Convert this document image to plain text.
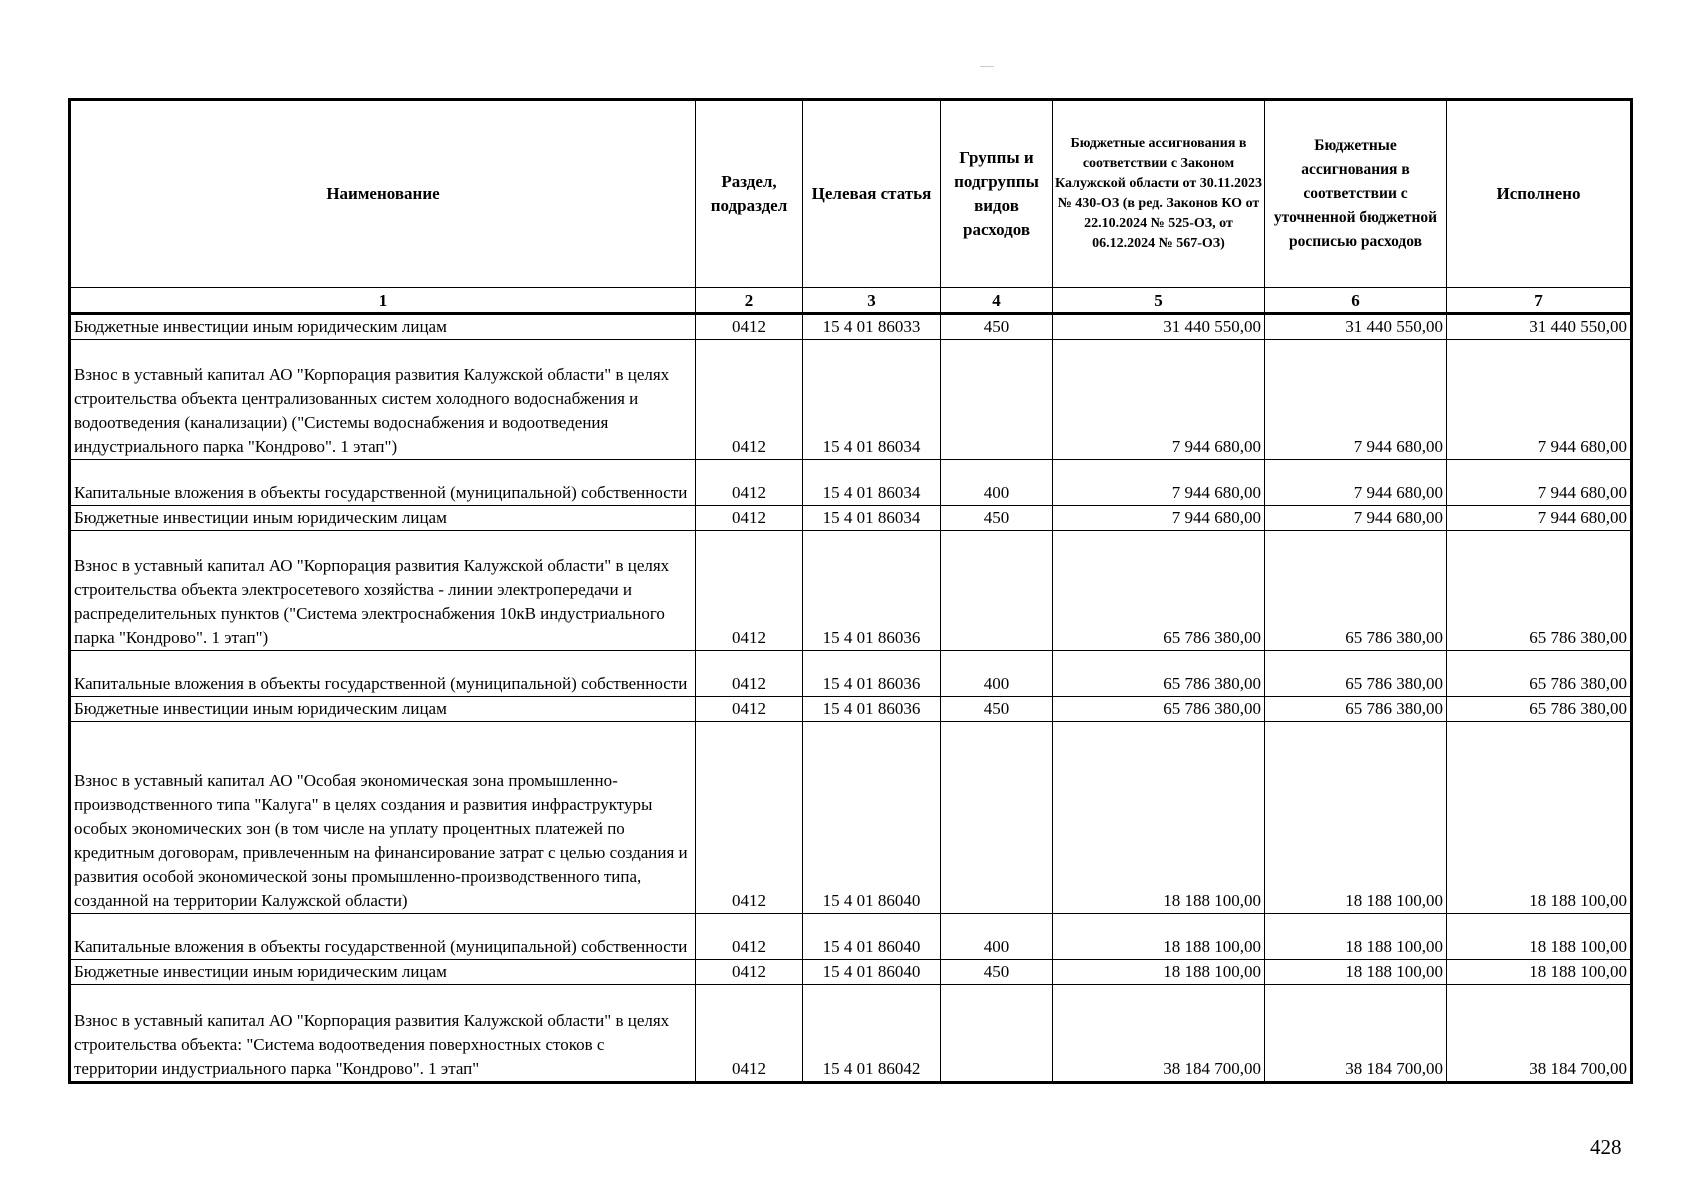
Наименование	Раздел, подраздел	Целевая статья	Группы и подгруппы видов расходов	Бюджетные ассигнования в соответствии с Законом Калужской области от 30.11.2023 № 430-ОЗ (в ред. Законов КО от 22.10.2024 № 525-ОЗ, от 06.12.2024 № 567-ОЗ)	Бюджетные ассигнования в соответствии с уточненной бюджетной росписью расходов	Исполнено
1	2	3	4	5	6	7
Бюджетные инвестиции иным юридическим лицам	0412	15 4 01 86033	450	31 440 550,00	31 440 550,00	31 440 550,00
Взнос в уставный капитал АО "Корпорация развития Калужской области" в целях строительства объекта централизованных систем холодного водоснабжения и водоотведения (канализации) ("Системы водоснабжения и водоотведения индустриального парка "Кондрово". 1 этап")	0412	15 4 01 86034		7 944 680,00	7 944 680,00	7 944 680,00
Капитальные вложения в объекты государственной (муниципальной) собственности	0412	15 4 01 86034	400	7 944 680,00	7 944 680,00	7 944 680,00
Бюджетные инвестиции иным юридическим лицам	0412	15 4 01 86034	450	7 944 680,00	7 944 680,00	7 944 680,00
Взнос в уставный капитал АО "Корпорация развития Калужской области" в целях строительства объекта электросетевого хозяйства - линии электропередачи и распределительных пунктов ("Система электроснабжения 10кВ индустриального парка "Кондрово". 1 этап")	0412	15 4 01 86036		65 786 380,00	65 786 380,00	65 786 380,00
Капитальные вложения в объекты государственной (муниципальной) собственности	0412	15 4 01 86036	400	65 786 380,00	65 786 380,00	65 786 380,00
Бюджетные инвестиции иным юридическим лицам	0412	15 4 01 86036	450	65 786 380,00	65 786 380,00	65 786 380,00
Взнос в уставный капитал АО "Особая экономическая зона промышленно-производственного типа "Калуга" в целях создания и развития инфраструктуры особых экономических зон (в том числе на уплату процентных платежей по кредитным договорам, привлеченным на финансирование затрат с целью создания и развития особой экономической зоны промышленно-производственного типа, созданной на территории Калужской области)	0412	15 4 01 86040		18 188 100,00	18 188 100,00	18 188 100,00
Капитальные вложения в объекты государственной (муниципальной) собственности	0412	15 4 01 86040	400	18 188 100,00	18 188 100,00	18 188 100,00
Бюджетные инвестиции иным юридическим лицам	0412	15 4 01 86040	450	18 188 100,00	18 188 100,00	18 188 100,00
Взнос в уставный капитал АО "Корпорация развития Калужской области" в целях строительства объекта: "Система водоотведения поверхностных стоков с территории индустриального парка "Кондрово". 1 этап"	0412	15 4 01 86042		38 184 700,00	38 184 700,00	38 184 700,00
428
